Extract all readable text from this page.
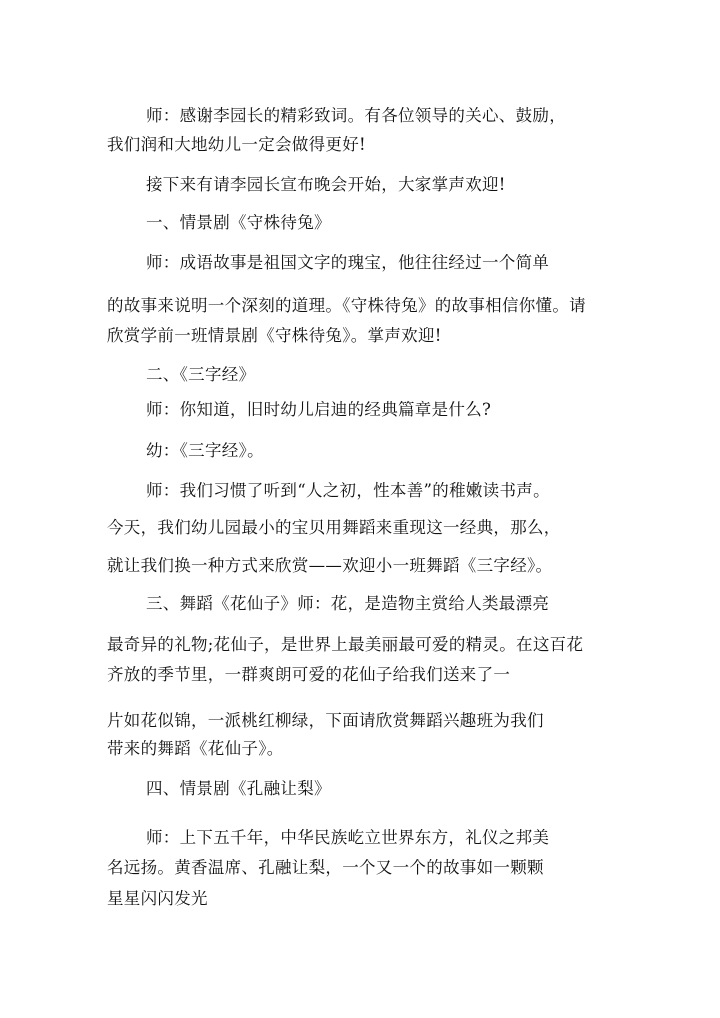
师：感谢李园长的精彩致词。有各位领导的关心、鼓励，
我们润和大地幼儿一定会做得更好!
接下来有请李园长宣布晚会开始，大家掌声欢迎!
一、情景剧《守株待兔》
师：成语故事是祖国文字的瑰宝，他往往经过一个简单
的故事来说明一个深刻的道理。《守株待兔》的故事相信你懂。请
欣赏学前一班情景剧《守株待兔》。掌声欢迎!
二、《三字经》
师：你知道，旧时幼儿启迪的经典篇章是什么?
幼：《三字经》。
师：我们习惯了听到“人之初，性本善”的稚嫩读书声。
今天，我们幼儿园最小的宝贝用舞蹈来重现这一经典，那么，
就让我们换一种方式来欣赏——欢迎小一班舞蹈《三字经》。
三、舞蹈《花仙子》师：花，是造物主赏给人类最漂亮
最奇异的礼物;花仙子，是世界上最美丽最可爱的精灵。在这百花
齐放的季节里，一群爽朗可爱的花仙子给我们送来了一
片如花似锦，一派桃红柳绿，下面请欣赏舞蹈兴趣班为我们
带来的舞蹈《花仙子》。
四、情景剧《孔融让梨》
师：上下五千年，中华民族屹立世界东方，礼仪之邦美
名远扬。黄香温席、孔融让梨，一个又一个的故事如一颗颗
星星闪闪发光
